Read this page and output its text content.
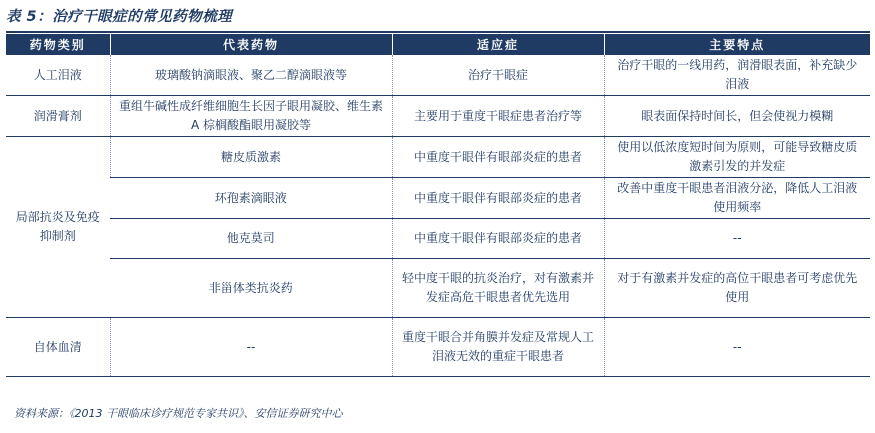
表 5：治疗干眼症的常见药物梳理
药物类别	代表药物	适应症	主要特点
人工泪液	玻璃酸钠滴眼液、聚乙二醇滴眼液等	治疗干眼症	治疗干眼的一线用药，润滑眼表面，补充缺少泪液
润滑膏剂	重组牛碱性成纤维细胞生长因子眼用凝胶、维生素 A 棕榈酸酯眼用凝胶等	主要用于重度干眼症患者治疗等	眼表面保持时间长，但会使视力模糊
局部抗炎及免疫抑制剂	糖皮质激素	中重度干眼伴有眼部炎症的患者	使用以低浓度短时间为原则，可能导致糖皮质激素引发的并发症
	环孢素滴眼液	中重度干眼伴有眼部炎症的患者	改善中重度干眼患者泪液分泌，降低人工泪液使用频率
	他克莫司	中重度干眼伴有眼部炎症的患者	--
	非甾体类抗炎药	轻中度干眼的抗炎治疗，对有激素并发症高危干眼患者优先选用	对于有激素并发症的高位干眼患者可考虑优先使用
自体血清	--	重度干眼合并角膜并发症及常规人工泪液无效的重症干眼患者	--
资料来源：《2013 干眼临床诊疗规范专家共识》、安信证券研究中心
